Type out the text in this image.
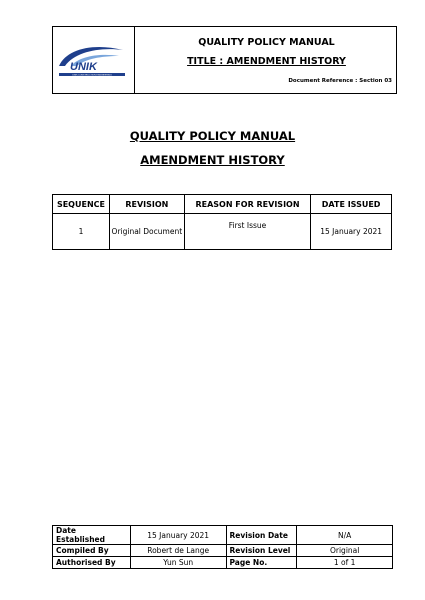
UNIK
UNIK CONSTRUCTION ENGINEERING
QUALITY POLICY MANUAL
TITLE : AMENDMENT HISTORY
Document Reference : Section 03
QUALITY POLICY MANUAL
AMENDMENT HISTORY
SEQUENCE	REVISION	REASON FOR REVISION	DATE ISSUED
1	Original Document	First Issue	15 January 2021
Date Established	15 January 2021	Revision Date	N/A
Compiled By	Robert de Lange	Revision Level	Original
Authorised By	Yun Sun	Page No.	1 of 1
